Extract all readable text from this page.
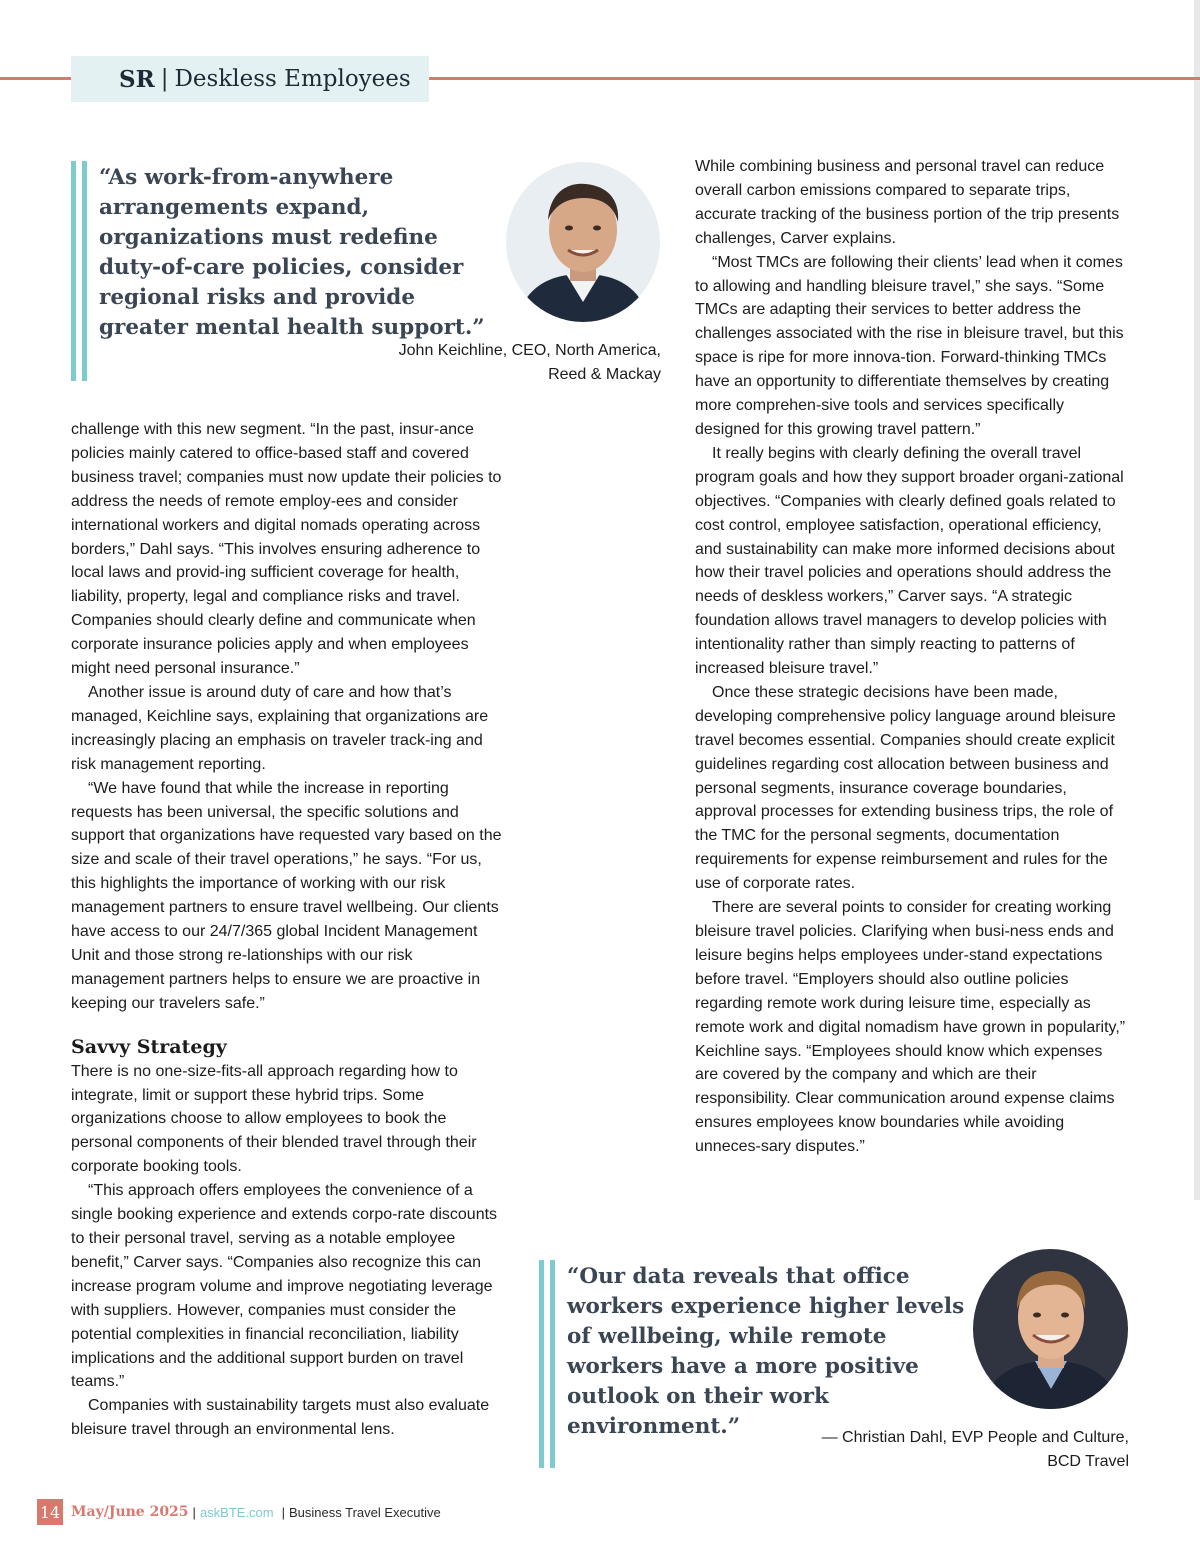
SR | Deskless Employees

“As work-from-anywhere arrangements expand, organizations must redefine duty-of-care policies, consider regional risks and provide greater mental health support.”

John Keichline, CEO, North America,
Reed & Mackay

challenge with this new segment. “In the past, insur-ance policies mainly catered to office-based staff and covered business travel; companies must now update their policies to address the needs of remote employ-ees and consider international workers and digital nomads operating across borders,” Dahl says. “This involves ensuring adherence to local laws and provid-ing sufficient coverage for health, liability, property, legal and compliance risks and travel. Companies should clearly define and communicate when corporate insurance policies apply and when employees might need personal insurance.”

Another issue is around duty of care and how that’s managed, Keichline says, explaining that organizations are increasingly placing an emphasis on traveler track-ing and risk management reporting.

“We have found that while the increase in reporting requests has been universal, the specific solutions and support that organizations have requested vary based on the size and scale of their travel operations,” he says. “For us, this highlights the importance of working with our risk management partners to ensure travel wellbeing. Our clients have access to our 24/7/365 global Incident Management Unit and those strong re-lationships with our risk management partners helps to ensure we are proactive in keeping our travelers safe.”

Savvy Strategy

There is no one-size-fits-all approach regarding how to integrate, limit or support these hybrid trips. Some organizations choose to allow employees to book the personal components of their blended travel through their corporate booking tools.

“This approach offers employees the convenience of a single booking experience and extends corpo-rate discounts to their personal travel, serving as a notable employee benefit,” Carver says. “Companies also recognize this can increase program volume and improve negotiating leverage with suppliers. However, companies must consider the potential complexities in financial reconciliation, liability implications and the additional support burden on travel teams.”

Companies with sustainability targets must also evaluate bleisure travel through an environmental lens.

While combining business and personal travel can reduce overall carbon emissions compared to separate trips, accurate tracking of the business portion of the trip presents challenges, Carver explains.

“Most TMCs are following their clients’ lead when it comes to allowing and handling bleisure travel,” she says. “Some TMCs are adapting their services to better address the challenges associated with the rise in bleisure travel, but this space is ripe for more innova-tion. Forward-thinking TMCs have an opportunity to differentiate themselves by creating more comprehen-sive tools and services specifically designed for this growing travel pattern.”

It really begins with clearly defining the overall travel program goals and how they support broader organi-zational objectives. “Companies with clearly defined goals related to cost control, employee satisfaction, operational efficiency, and sustainability can make more informed decisions about how their travel policies and operations should address the needs of deskless workers,” Carver says. “A strategic foundation allows travel managers to develop policies with intentionality rather than simply reacting to patterns of increased bleisure travel.”

Once these strategic decisions have been made, developing comprehensive policy language around bleisure travel becomes essential. Companies should create explicit guidelines regarding cost allocation between business and personal segments, insurance coverage boundaries, approval processes for extending business trips, the role of the TMC for the personal segments, documentation requirements for expense reimbursement and rules for the use of corporate rates.

There are several points to consider for creating working bleisure travel policies. Clarifying when busi-ness ends and leisure begins helps employees under-stand expectations before travel. “Employers should also outline policies regarding remote work during leisure time, especially as remote work and digital nomadism have grown in popularity,” Keichline says. “Employees should know which expenses are covered by the company and which are their responsibility. Clear communication around expense claims ensures employees know boundaries while avoiding unneces-sary disputes.”

“Our data reveals that office workers experience higher levels of wellbeing, while remote workers have a more positive outlook on their work environment.”	— Christian Dahl, EVP People and Culture,
BCD Travel
14 May/June 2025 | askBTE.com | Business Travel Executive
